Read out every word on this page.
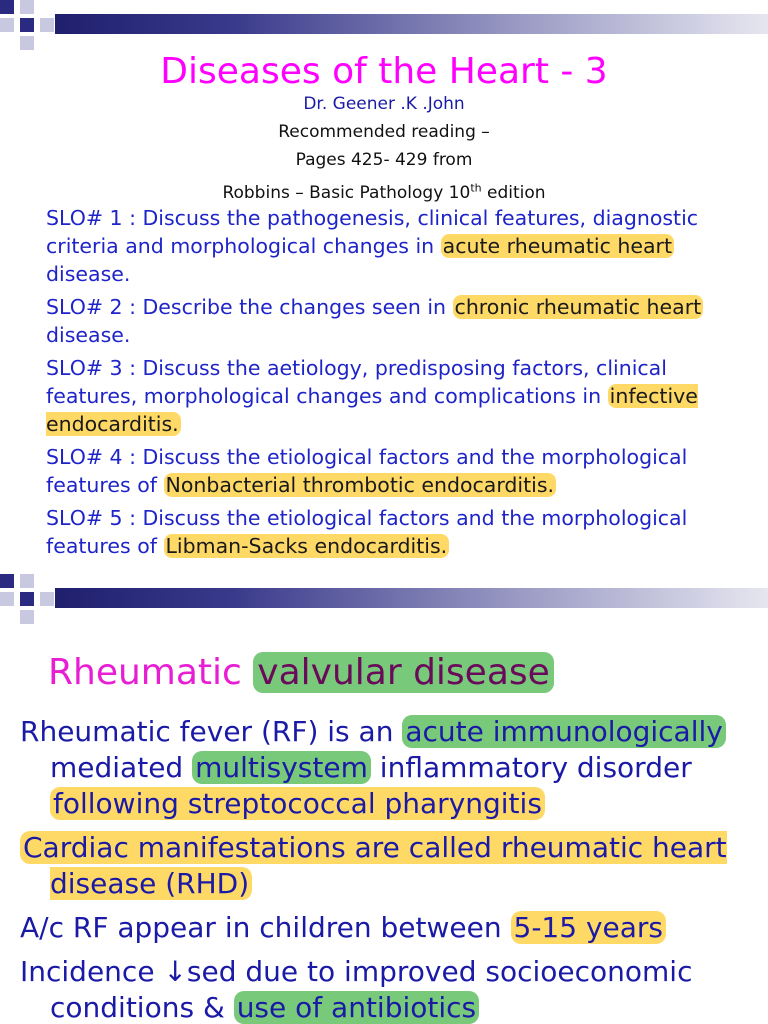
Diseases of the Heart - 3
Dr. Geener .K .John
Recommended reading –
Pages 425- 429 from
Robbins – Basic Pathology 10th edition
SLO# 1 : Discuss the pathogenesis, clinical features, diagnostic criteria and morphological changes in acute rheumatic heart disease.
SLO# 2 : Describe the changes seen in chronic rheumatic heart disease.
SLO# 3 : Discuss the aetiology, predisposing factors, clinical features, morphological changes and complications in infective endocarditis.
SLO# 4 : Discuss the etiological factors and the morphological features of Nonbacterial thrombotic endocarditis.
SLO# 5 : Discuss the etiological factors and the morphological features of Libman-Sacks endocarditis.
Rheumatic valvular disease
Rheumatic fever (RF) is an acute immunologically mediated multisystem inflammatory disorder following streptococcal pharyngitis
Cardiac manifestations are called rheumatic heart disease (RHD)
A/c RF appear in children between 5-15 years
Incidence ↓sed due to improved socioeconomic conditions & use of antibiotics
